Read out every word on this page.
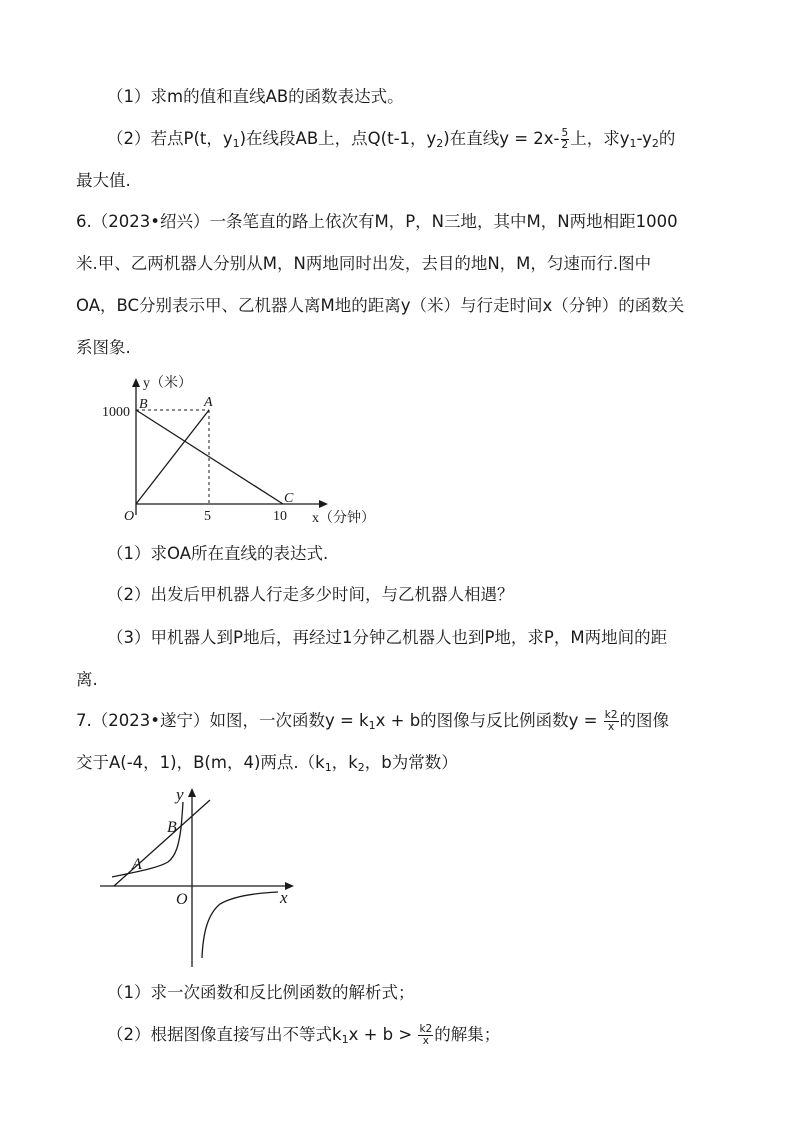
（1）求m的值和直线AB的函数表达式。
（2）若点P(t，$y_1$)在线段AB上，点Q(t-1，$y_2$)在直线$y = 2x- \frac{5}{2}$ 上，求$y_1-y_2$的
最大值.
6.（2023•绍兴）一条笔直的路上依次有M，P，N三地，其中M，N两地相距1000
米.甲、乙两机器人分别从M，N两地同时出发，去目的地N，M，匀速而行.图中
OA，BC分别表示甲、乙机器人离M地的距离y（米）与行走时间x（分钟）的函数关
系图象.
y（米）
1000
B	A
O	5	10
C
x（分钟）
（1）求OA所在直线的表达式.
（2）出发后甲机器人行走多少时间，与乙机器人相遇？
（3）甲机器人到P地后，再经过1分钟乙机器人也到P地，求P，M两地间的距
离.
7.（2023•遂宁）如图，一次函数$y = k_1x + b$的图像与反比例函数$y = \frac{k2}{x}$ 的图像
交于A(-4，1)，B(m，4)两点$.(k_1$，$k_2$，b为常数）
y
x
O
A
B
（1）求一次函数和反比例函数的解析式；
（2）根据图像直接写出不等式$k_1x + b > \frac{k2}{x}$ 的解集；
